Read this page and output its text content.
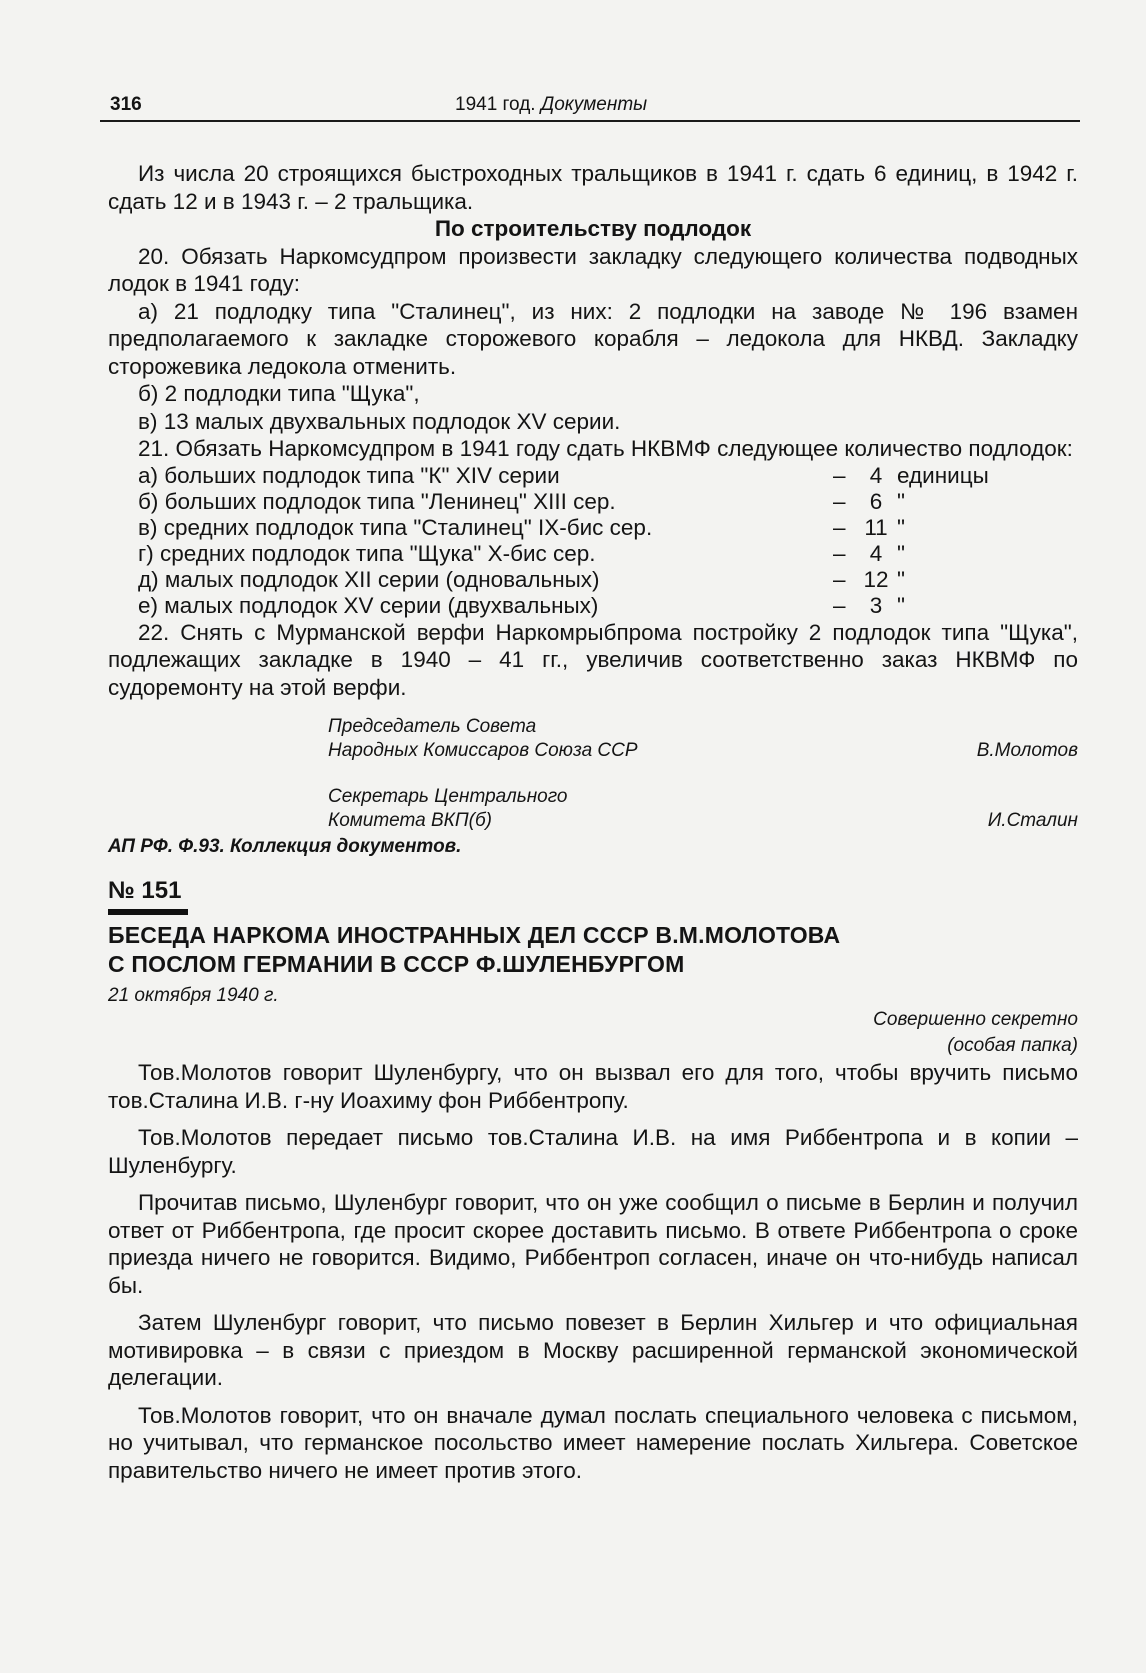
316	1941 год. Документы

Из числа 20 строящихся быстроходных тральщиков в 1941 г. сдать 6 единиц, в 1942 г. сдать 12 и в 1943 г. – 2 тральщика.

По строительству подлодок

20. Обязать Наркомсудпром произвести закладку следующего количества подводных лодок в 1941 году:

а) 21 подлодку типа "Сталинец", из них: 2 подлодки на заводе № 196 взамен предполагаемого к закладке сторожевого корабля – ледокола для НКВД. Закладку сторожевика ледокола отменить.

б) 2 подлодки типа "Щука",

в) 13 малых двухвальных подлодок XV серии.

21. Обязать Наркомсудпром в 1941 году сдать НКВМФ следующее количество подлодок:

а) больших подлодок типа "К" XIV серии	–	4	единицы
б) больших подлодок типа "Ленинец" XIII сер.	–	6	"
в) средних подлодок типа "Сталинец" IX-бис сер.	–	11	"
г) средних подлодок типа "Щука" X-бис сер.	–	4	"
д) малых подлодок XII серии (одновальных)	–	12	"
е) малых подлодок XV серии (двухвальных)	–	3	"

22. Снять с Мурманской верфи Наркомрыбпрома постройку 2 подлодок типа "Щука", подлежащих закладке в 1940 – 41 гг., увеличив соответственно заказ НКВМФ по судоремонту на этой верфи.

Председатель Совета
Народных Комиссаров Союза ССР	В.Молотов
Секретарь Центрального
Комитета ВКП(б)	И.Сталин

АП РФ. Ф.93. Коллекция документов.

№ 151
БЕСЕДА НАРКОМА ИНОСТРАННЫХ ДЕЛ СССР В.М.МОЛОТОВА
С ПОСЛОМ ГЕРМАНИИ В СССР Ф.ШУЛЕНБУРГОМ
21 октября 1940 г.
Совершенно секретно
(особая папка)

Тов.Молотов говорит Шуленбургу, что он вызвал его для того, чтобы вручить письмо тов.Сталина И.В. г-ну Иоахиму фон Риббентропу.

Тов.Молотов передает письмо тов.Сталина И.В. на имя Риббентропа и в копии – Шуленбургу.

Прочитав письмо, Шуленбург говорит, что он уже сообщил о письме в Берлин и получил ответ от Риббентропа, где просит скорее доставить письмо. В ответе Риббентропа о сроке приезда ничего не говорится. Видимо, Риббентроп согласен, иначе он что-нибудь написал бы.

Затем Шуленбург говорит, что письмо повезет в Берлин Хильгер и что официальная мотивировка – в связи с приездом в Москву расширенной германской экономической делегации.

Тов.Молотов говорит, что он вначале думал послать специального человека с письмом, но учитывал, что германское посольство имеет намерение послать Хильгера. Советское правительство ничего не имеет против этого.
